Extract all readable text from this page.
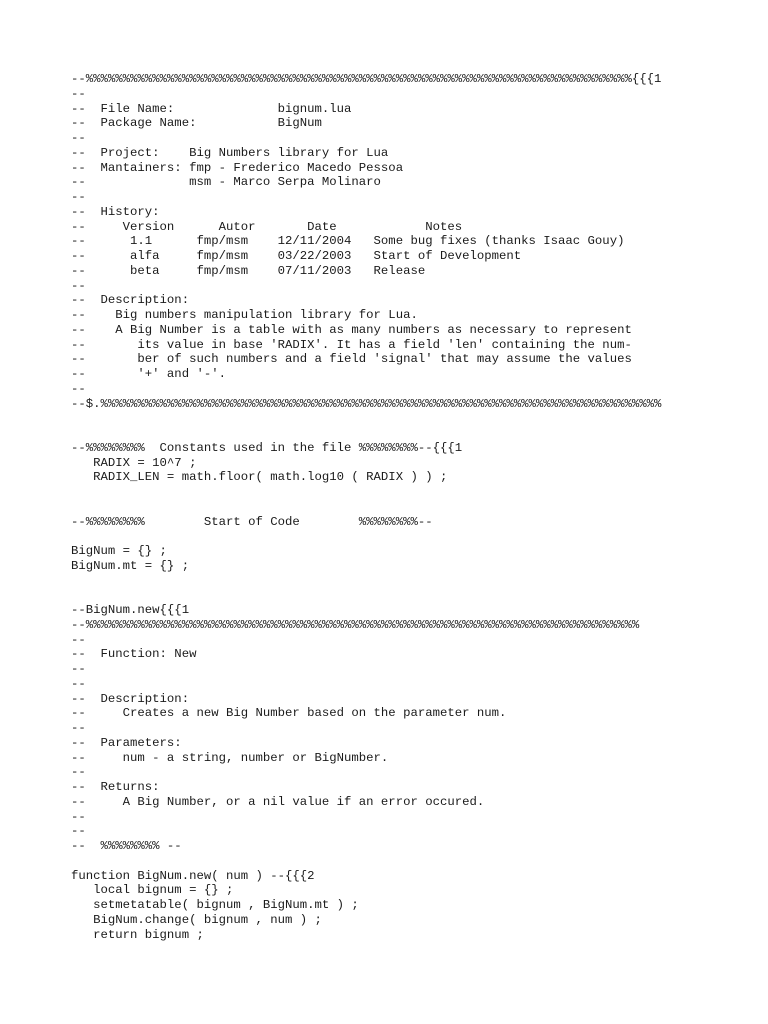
--%%%%%%%%%%%%%%%%%%%%%%%%%%%%%%%%%%%%%%%%%%%%%%%%%%%%%%%%%%%%%%%%%%%%%%%%%%{{{1
--
--  File Name:              bignum.lua
--  Package Name:           BigNum
--
--  Project:    Big Numbers library for Lua
--  Mantainers: fmp - Frederico Macedo Pessoa
--              msm - Marco Serpa Molinaro
--
--  History:
--     Version      Autor       Date            Notes
--      1.1      fmp/msm    12/11/2004   Some bug fixes (thanks Isaac Gouy)
--      alfa     fmp/msm    03/22/2003   Start of Development
--      beta     fmp/msm    07/11/2003   Release
--
--  Description:
--    Big numbers manipulation library for Lua.
--    A Big Number is a table with as many numbers as necessary to represent
--       its value in base 'RADIX'. It has a field 'len' containing the num-
--       ber of such numbers and a field 'signal' that may assume the values
--       '+' and '-'.
--
--$.%%%%%%%%%%%%%%%%%%%%%%%%%%%%%%%%%%%%%%%%%%%%%%%%%%%%%%%%%%%%%%%%%%%%%%%%%%%%
--%%%%%%%%  Constants used in the file %%%%%%%%--{{{1
RADIX = 10^7 ;
RADIX_LEN = math.floor( math.log10 ( RADIX ) ) ;
--%%%%%%%%        Start of Code        %%%%%%%%--
BigNum = {} ;
BigNum.mt = {} ;
--BigNum.new{{{1
--%%%%%%%%%%%%%%%%%%%%%%%%%%%%%%%%%%%%%%%%%%%%%%%%%%%%%%%%%%%%%%%%%%%%%%%%%%%
--
--  Function: New
--
--
--  Description:
--     Creates a new Big Number based on the parameter num.
--
--  Parameters:
--     num - a string, number or BigNumber.
--
--  Returns:
--     A Big Number, or a nil value if an error occured.
--
--
--  %%%%%%%% --
function BigNum.new( num ) --{{{2
local bignum = {} ;
setmetatable( bignum , BigNum.mt ) ;
BigNum.change( bignum , num ) ;
return bignum ;
